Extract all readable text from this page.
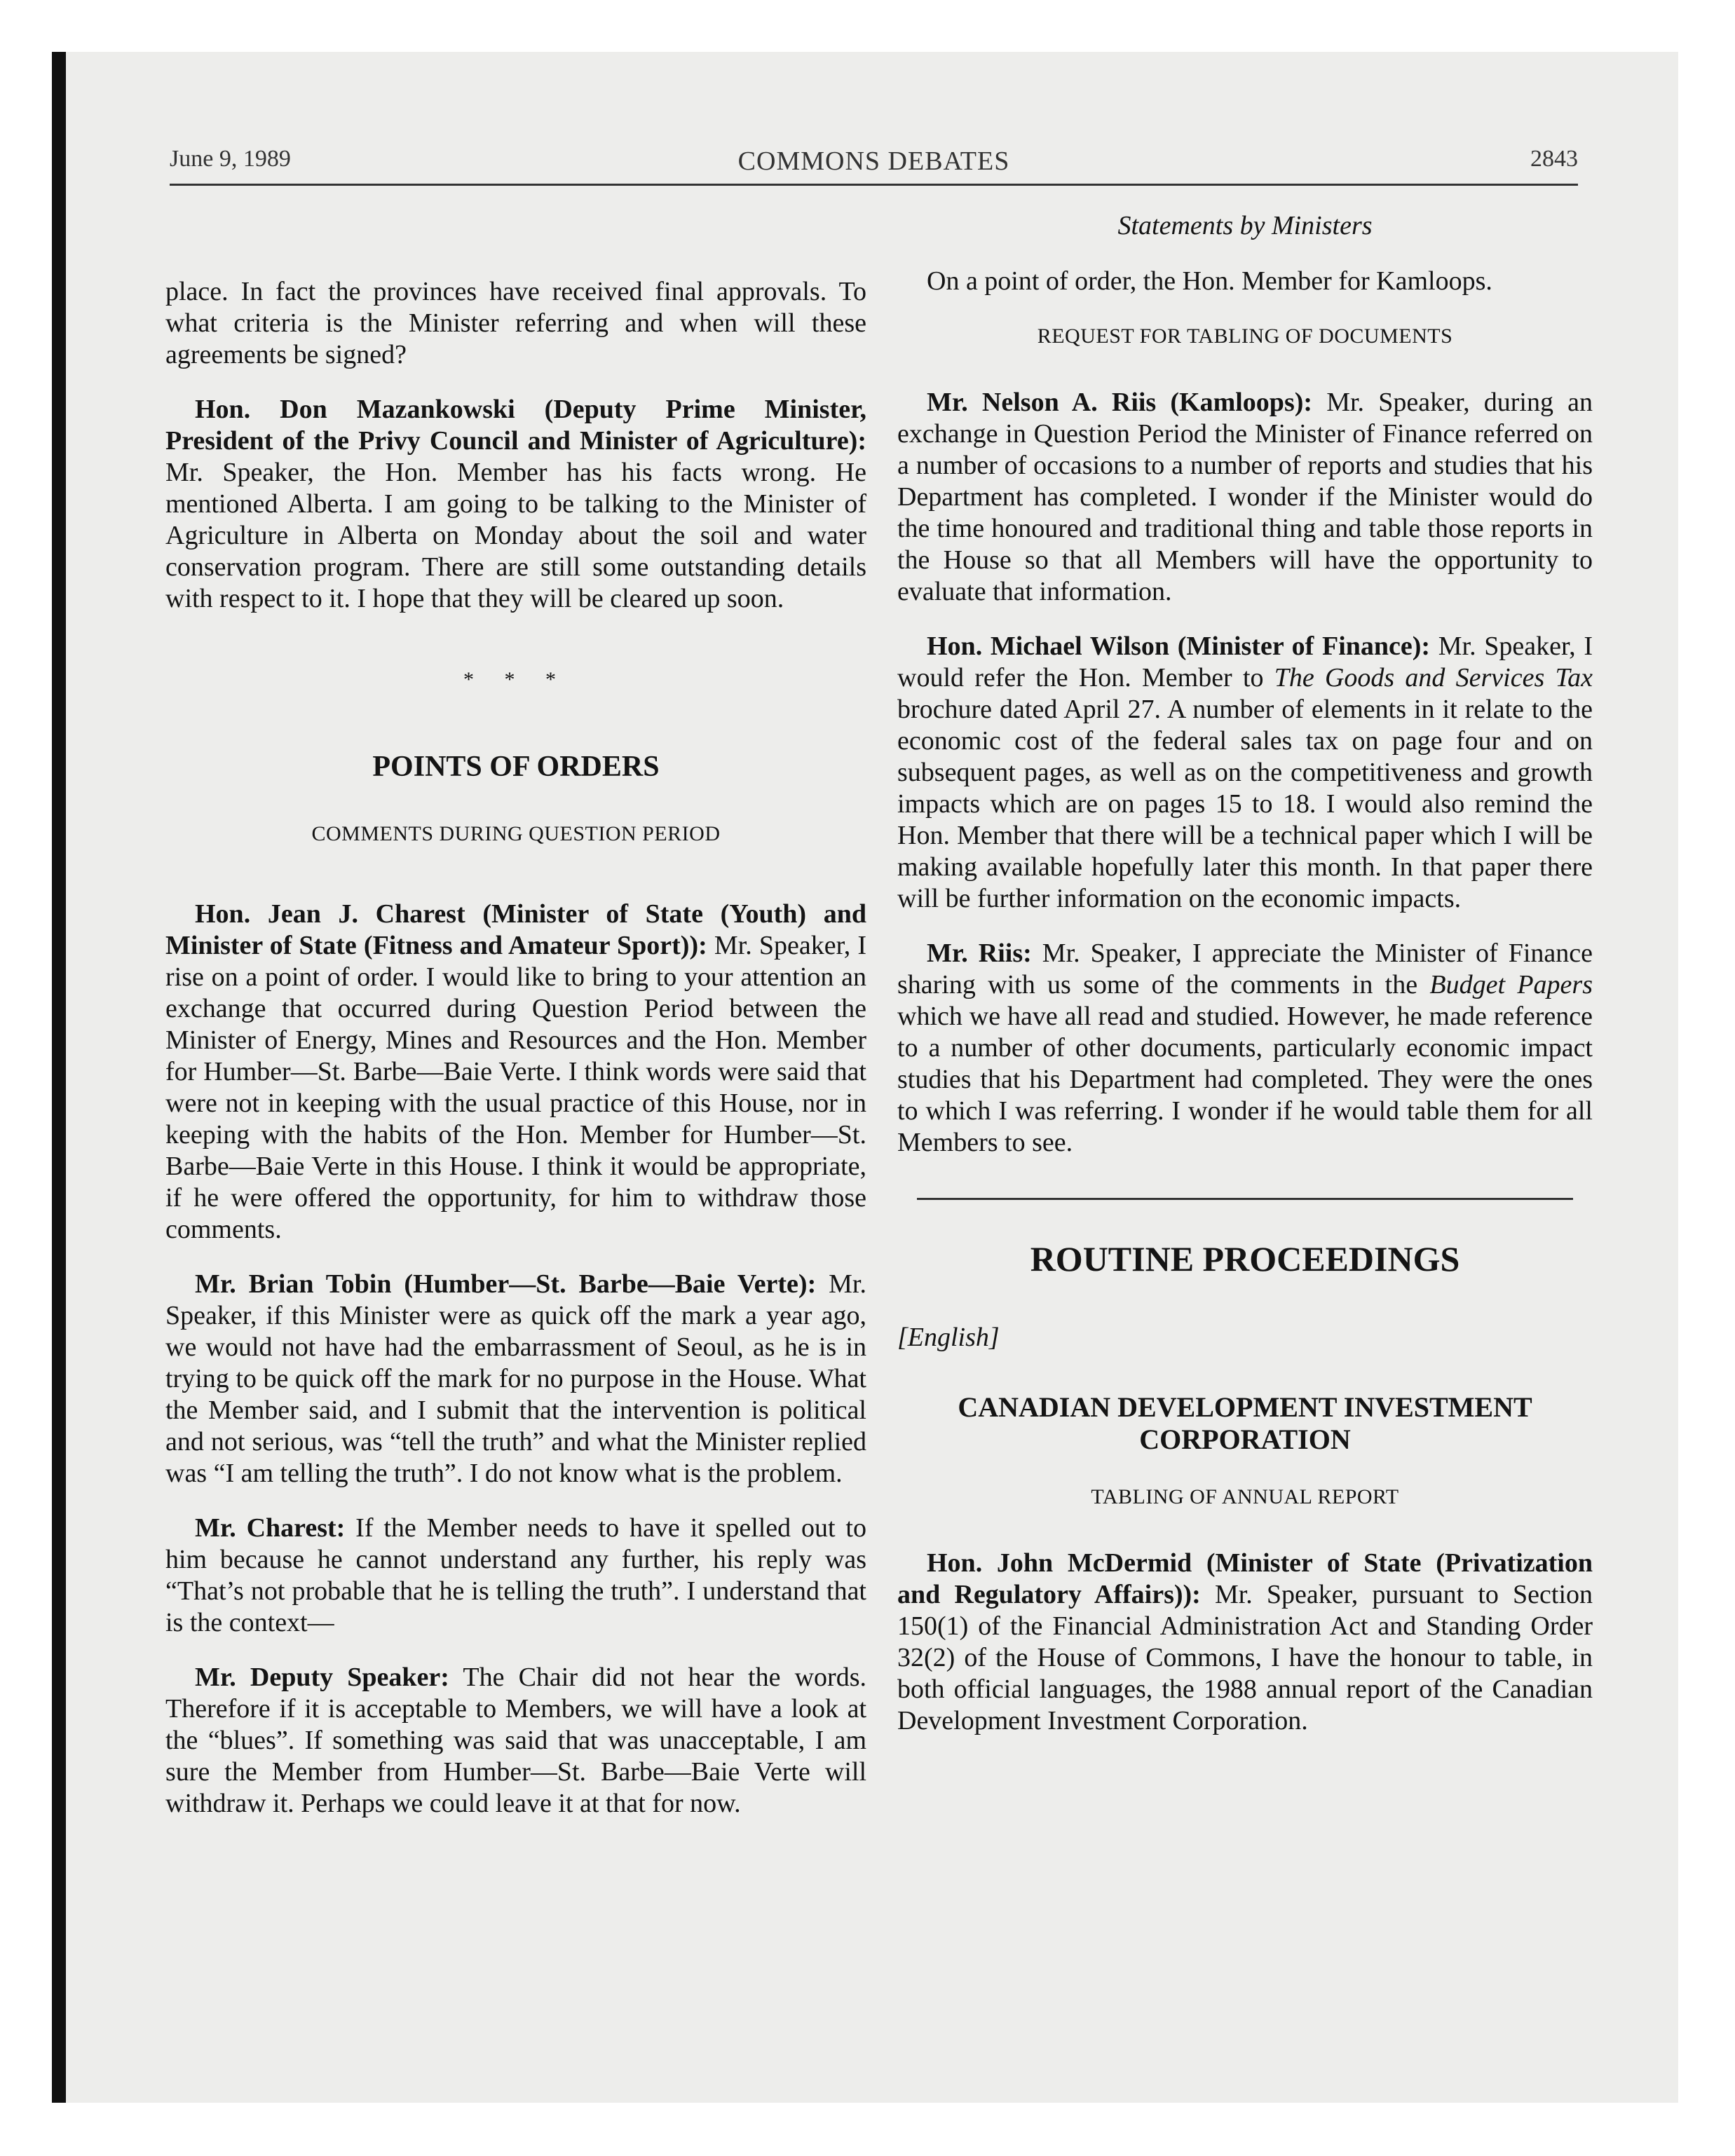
June 9, 1989	COMMONS DEBATES	2843

place. In fact the provinces have received final approvals. To what criteria is the Minister referring and when will these agreements be signed?

Hon. Don Mazankowski (Deputy Prime Minister, President of the Privy Council and Minister of Agriculture): Mr. Speaker, the Hon. Member has his facts wrong. He mentioned Alberta. I am going to be talking to the Minister of Agriculture in Alberta on Monday about the soil and water conservation program. There are still some outstanding details with respect to it. I hope that they will be cleared up soon.

* * *
POINTS OF ORDERS
COMMENTS DURING QUESTION PERIOD

Hon. Jean J. Charest (Minister of State (Youth) and Minister of State (Fitness and Amateur Sport)): Mr. Speaker, I rise on a point of order. I would like to bring to your attention an exchange that occurred during Question Period between the Minister of Energy, Mines and Resources and the Hon. Member for Humber—St. Barbe—Baie Verte. I think words were said that were not in keeping with the usual practice of this House, nor in keeping with the habits of the Hon. Member for Humber—St. Barbe—Baie Verte in this House. I think it would be appropriate, if he were offered the opportunity, for him to withdraw those comments.

Mr. Brian Tobin (Humber—St. Barbe—Baie Verte): Mr. Speaker, if this Minister were as quick off the mark a year ago, we would not have had the embarrassment of Seoul, as he is in trying to be quick off the mark for no purpose in the House. What the Member said, and I submit that the intervention is political and not serious, was “tell the truth” and what the Minister replied was “I am telling the truth”. I do not know what is the problem.

Mr. Charest: If the Member needs to have it spelled out to him because he cannot understand any further, his reply was “That’s not probable that he is telling the truth”. I understand that is the context—

Mr. Deputy Speaker: The Chair did not hear the words. Therefore if it is acceptable to Members, we will have a look at the “blues”. If something was said that was unacceptable, I am sure the Member from Humber—St. Barbe—Baie Verte will withdraw it. Perhaps we could leave it at that for now.

Statements by Ministers

On a point of order, the Hon. Member for Kamloops.

REQUEST FOR TABLING OF DOCUMENTS

Mr. Nelson A. Riis (Kamloops): Mr. Speaker, during an exchange in Question Period the Minister of Finance referred on a number of occasions to a number of reports and studies that his Department has completed. I wonder if the Minister would do the time honoured and traditional thing and table those reports in the House so that all Members will have the opportunity to evaluate that information.

Hon. Michael Wilson (Minister of Finance): Mr. Speaker, I would refer the Hon. Member to The Goods and Services Tax brochure dated April 27. A number of elements in it relate to the economic cost of the federal sales tax on page four and on subsequent pages, as well as on the competitiveness and growth impacts which are on pages 15 to 18. I would also remind the Hon. Member that there will be a technical paper which I will be making available hopefully later this month. In that paper there will be further information on the economic impacts.

Mr. Riis: Mr. Speaker, I appreciate the Minister of Finance sharing with us some of the comments in the Budget Papers which we have all read and studied. However, he made reference to a number of other documents, particularly economic impact studies that his Department had completed. They were the ones to which I was referring. I wonder if he would table them for all Members to see.

ROUTINE PROCEEDINGS
[English]
CANADIAN DEVELOPMENT INVESTMENT CORPORATION
TABLING OF ANNUAL REPORT

Hon. John McDermid (Minister of State (Privatization and Regulatory Affairs)): Mr. Speaker, pursuant to Section 150(1) of the Financial Administration Act and Standing Order 32(2) of the House of Commons, I have the honour to table, in both official languages, the 1988 annual report of the Canadian Development Investment Corporation.
